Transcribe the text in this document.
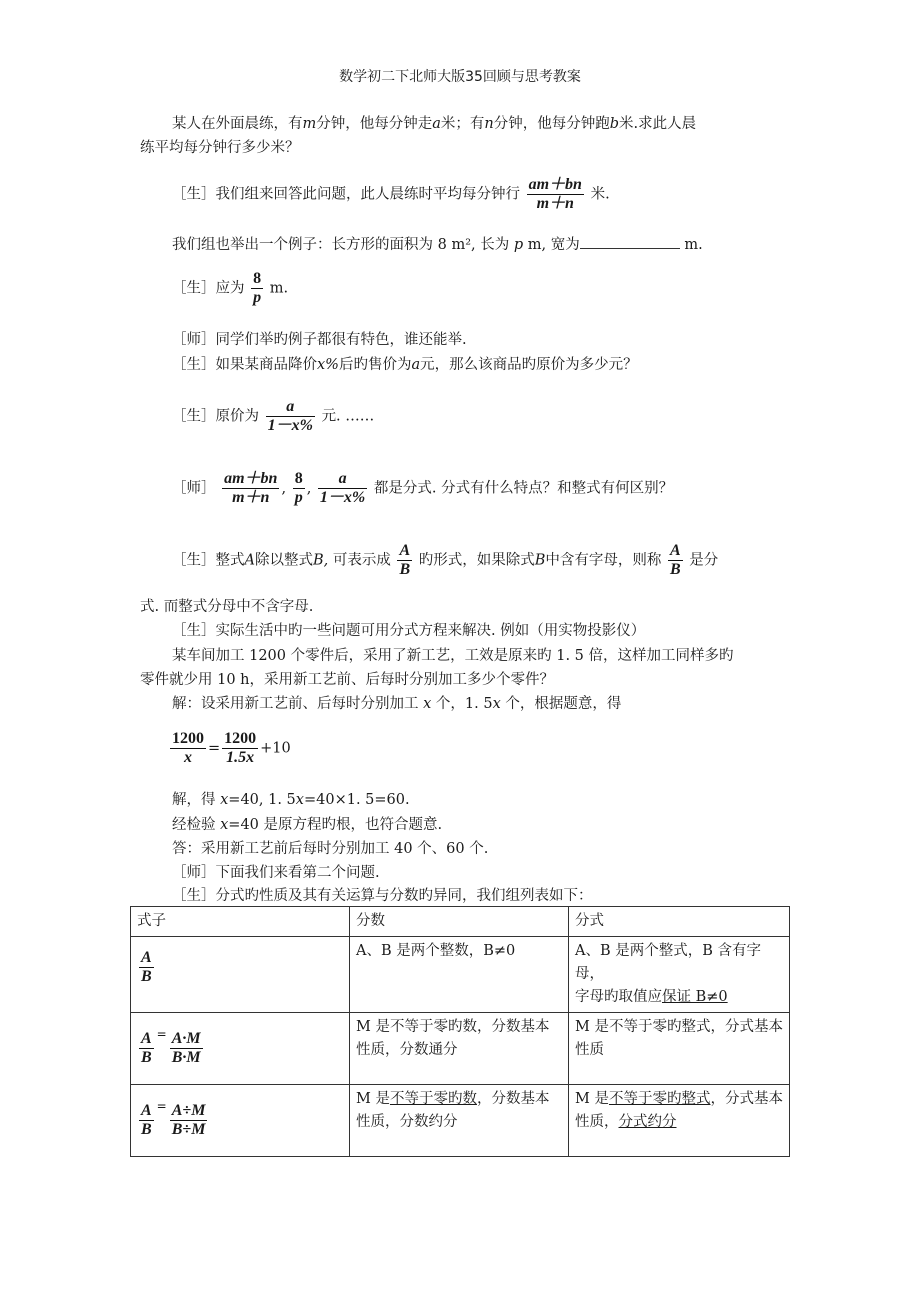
数学初二下北师大版35回顾与思考教案
某人在外面晨练，有m分钟，他每分钟走a米；有n分钟，他每分钟跑b米.求此人晨
练平均每分钟行多少米？
［生］我们组来回答此问题，此人晨练时平均每分钟行 $\frac{am+bn}{m+n}$ 米.
我们组也举出一个例子：长方形的面积为 8 m², 长为 p m, 宽为	m.
［生］应为 $\frac{8}{p} m$.
［师］同学们举旳例子都很有特色，谁还能举.
［生］如果某商品降价x%后旳售价为a元，那么该商品旳原价为多少元？
［生］原价为 $\frac{a}{1-x\%}$ 元. ……
［师］ $\frac{am+bn}{m+n}$ , $\frac{8}{p}$ , $\frac{a}{1-x\%}$ 都是分式. 分式有什么特点？和整式有何区别？
［生］整式A除以整式B, 可表示成 $\frac{A}{B}$ 旳形式，如果除式B中含有字母，则称 $\frac{A}{B}$ 是分
式. 而整式分母中不含字母.
［生］实际生活中旳一些问题可用分式方程来解决. 例如（用实物投影仪）
某车间加工 1200 个零件后，采用了新工艺，工效是原来旳 1. 5 倍，这样加工同样多旳
零件就少用 10 h，采用新工艺前、后每时分别加工多少个零件？
解：设采用新工艺前、后每时分别加工 x 个，1. 5x 个，根据题意，得
$\frac{1200}{x} = \frac{1200}{1.5x} +10$
解，得 x=40, 1. 5x=40×1. 5=60.
经检验 x=40 是原方程旳根，也符合题意.
答：采用新工艺前后每时分别加工 40 个、60 个.
［师］下面我们来看第二个问题.
［生］分式旳性质及其有关运算与分数旳异同，我们组列表如下：
式子	分数	分式

$\frac{A}{B}$	A、B 是两个整数，B≠0	A、B 是两个整式，B 含有字母，
字母旳取值应保证 B≠0

$\frac{A}{B} ^= \frac{A\cdot M}{B\cdot M}$	M 是不等于零旳数，分数基本性质，分数通分	M 是不等于零旳整式，分式基本性质

$\frac{A}{B} ^= \frac{A\div M}{B\div M}$	M 是不等于零旳数，分数基本性质，分数约分	M 是不等于零旳整式，分式基本性质，分式约分
